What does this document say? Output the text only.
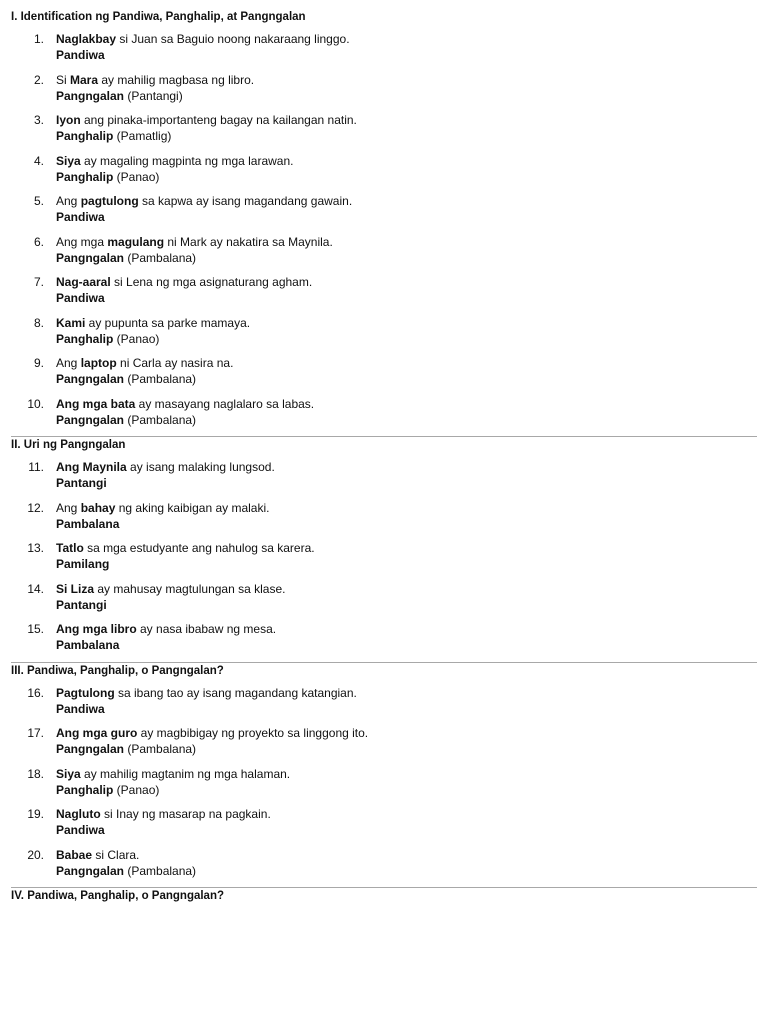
I. Identification ng Pandiwa, Panghalip, at Pangngalan
1.	Naglakbay si Juan sa Baguio noong nakaraang linggo.
Pandiwa
2.	Si Mara ay mahilig magbasa ng libro.
Pangngalan (Pantangi)
3.	Iyon ang pinaka-importanteng bagay na kailangan natin.
Panghalip (Pamatlig)
4.	Siya ay magaling magpinta ng mga larawan.
Panghalip (Panao)
5.	Ang pagtulong sa kapwa ay isang magandang gawain.
Pandiwa
6.	Ang mga magulang ni Mark ay nakatira sa Maynila.
Pangngalan (Pambalana)
7.	Nag-aaral si Lena ng mga asignaturang agham.
Pandiwa
8.	Kami ay pupunta sa parke mamaya.
Panghalip (Panao)
9.	Ang laptop ni Carla ay nasira na.
Pangngalan (Pambalana)
10.	Ang mga bata ay masayang naglalaro sa labas.
Pangngalan (Pambalana)
II. Uri ng Pangngalan
11.	Ang Maynila ay isang malaking lungsod.
Pantangi
12.	Ang bahay ng aking kaibigan ay malaki.
Pambalana
13.	Tatlo sa mga estudyante ang nahulog sa karera.
Pamilang
14.	Si Liza ay mahusay magtulungan sa klase.
Pantangi
15.	Ang mga libro ay nasa ibabaw ng mesa.
Pambalana
III. Pandiwa, Panghalip, o Pangngalan?
16.	Pagtulong sa ibang tao ay isang magandang katangian.
Pandiwa
17.	Ang mga guro ay magbibigay ng proyekto sa linggong ito.
Pangngalan (Pambalana)
18.	Siya ay mahilig magtanim ng mga halaman.
Panghalip (Panao)
19.	Nagluto si Inay ng masarap na pagkain.
Pandiwa
20.	Babae si Clara.
Pangngalan (Pambalana)
IV. Pandiwa, Panghalip, o Pangngalan?
